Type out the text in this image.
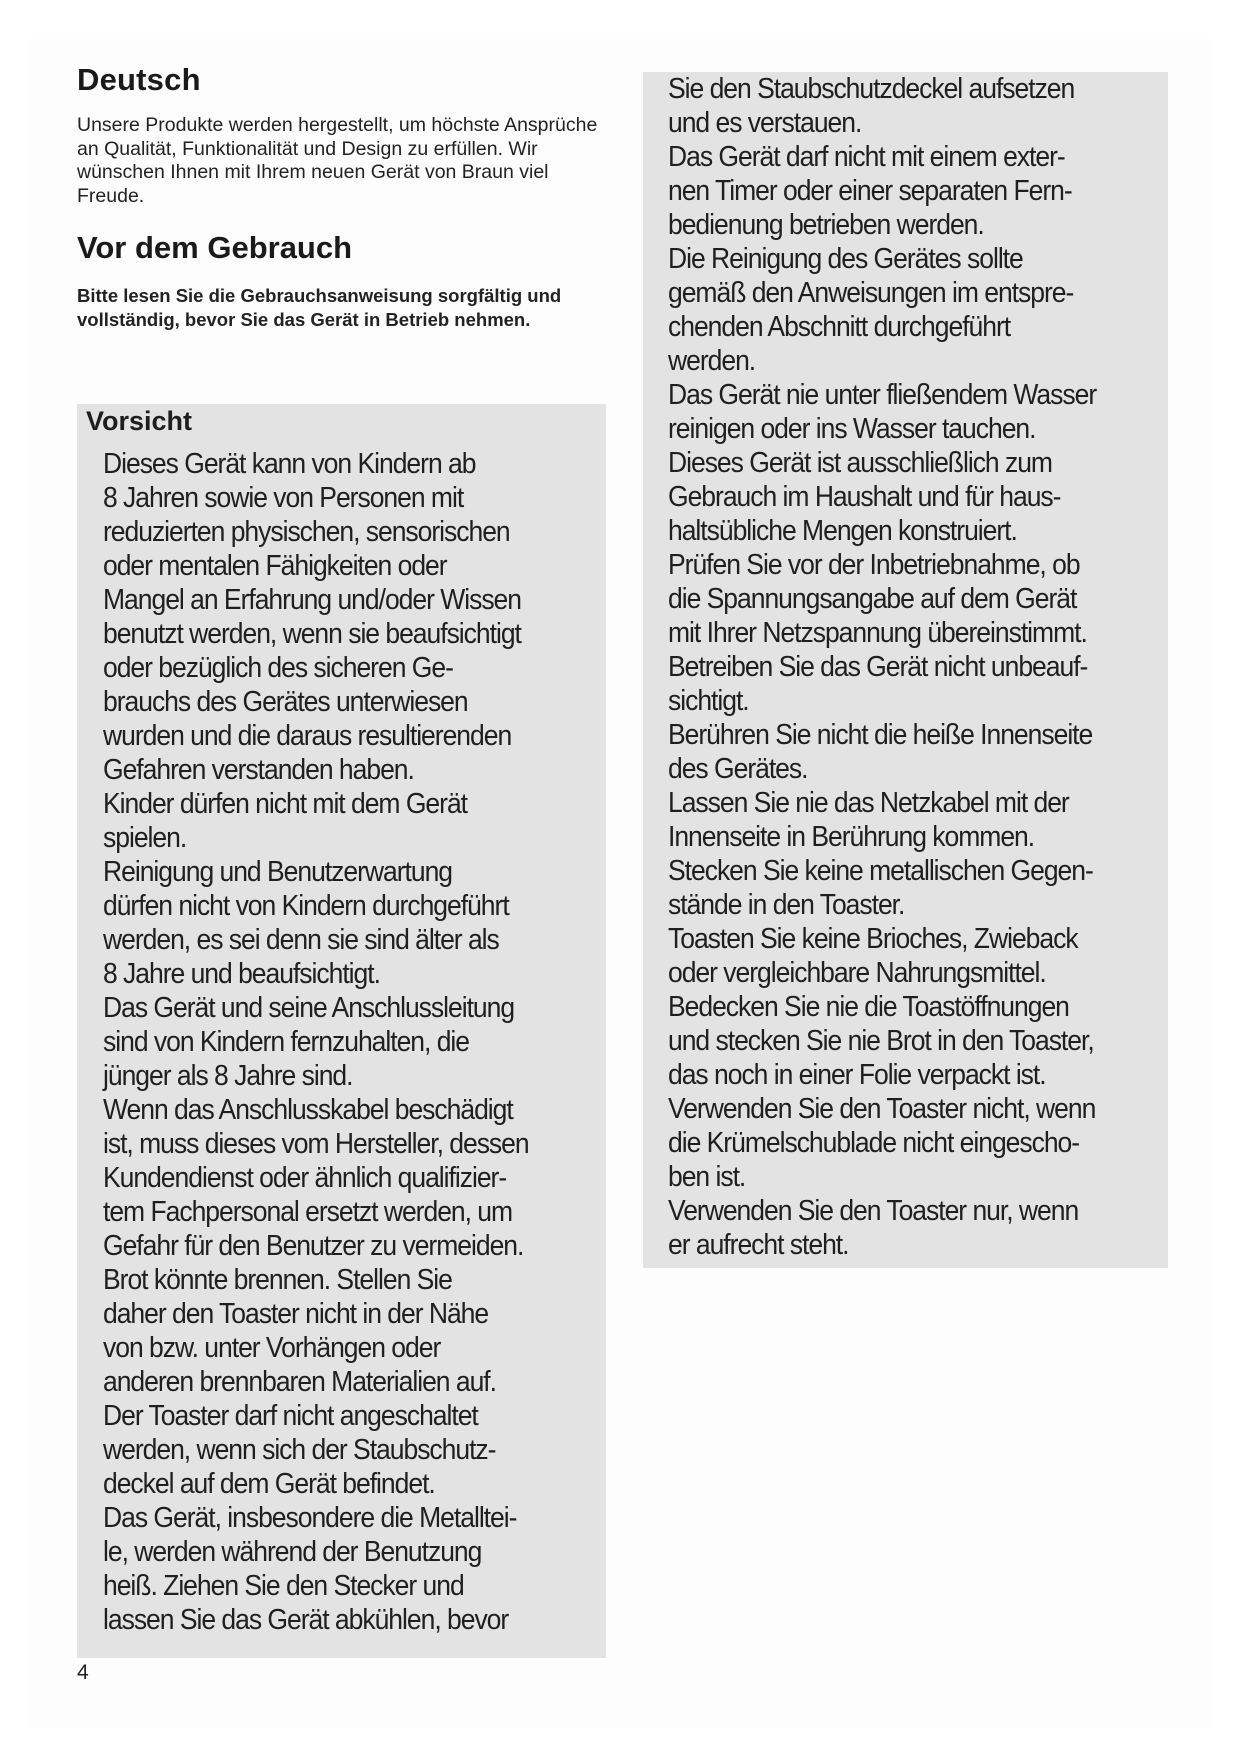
Deutsch

Unsere Produkte werden hergestellt, um höchste Ansprüche an Qualität, Funktionalität und Design zu erfüllen. Wir wünschen Ihnen mit Ihrem neuen Gerät von Braun viel Freude.

Vor dem Gebrauch

Bitte lesen Sie die Gebrauchsanweisung sorgfältig und vollständig, bevor Sie das Gerät in Betrieb nehmen.

Vorsicht
Dieses Gerät kann von Kindern ab
8 Jahren sowie von Personen mit
reduzierten physischen, sensorischen
oder mentalen Fähigkeiten oder
Mangel an Erfahrung und/oder Wissen
benutzt werden, wenn sie beaufsichtigt
oder bezüglich des sicheren Ge-
brauchs des Gerätes unterwiesen
wurden und die daraus resultierenden
Gefahren verstanden haben.
Kinder dürfen nicht mit dem Gerät
spielen.
Reinigung und Benutzerwartung
dürfen nicht von Kindern durchgeführt
werden, es sei denn sie sind älter als
8 Jahre und beaufsichtigt.
Das Gerät und seine Anschlussleitung
sind von Kindern fernzuhalten, die
jünger als 8 Jahre sind.
Wenn das Anschlusskabel beschädigt
ist, muss dieses vom Hersteller, dessen
Kundendienst oder ähnlich qualifizier-
tem Fachpersonal ersetzt werden, um
Gefahr für den Benutzer zu vermeiden.
Brot könnte brennen. Stellen Sie
daher den Toaster nicht in der Nähe
von bzw. unter Vorhängen oder
anderen brennbaren Materialien auf.
Der Toaster darf nicht angeschaltet
werden, wenn sich der Staubschutz-
deckel auf dem Gerät befindet.
Das Gerät, insbesondere die Metalltei-
le, werden während der Benutzung
heiß. Ziehen Sie den Stecker und
lassen Sie das Gerät abkühlen, bevor
Sie den Staubschutzdeckel aufsetzen
und es verstauen.
Das Gerät darf nicht mit einem exter-
nen Timer oder einer separaten Fern-
bedienung betrieben werden.
Die Reinigung des Gerätes sollte
gemäß den Anweisungen im entspre-
chenden Abschnitt durchgeführt
werden.
Das Gerät nie unter fließendem Wasser
reinigen oder ins Wasser tauchen.
Dieses Gerät ist ausschließlich zum
Gebrauch im Haushalt und für haus-
haltsübliche Mengen konstruiert.
Prüfen Sie vor der Inbetriebnahme, ob
die Spannungsangabe auf dem Gerät
mit Ihrer Netzspannung übereinstimmt.
Betreiben Sie das Gerät nicht unbeauf-
sichtigt.
Berühren Sie nicht die heiße Innenseite
des Gerätes.
Lassen Sie nie das Netzkabel mit der
Innenseite in Berührung kommen.
Stecken Sie keine metallischen Gegen-
stände in den Toaster.
Toasten Sie keine Brioches, Zwieback
oder vergleichbare Nahrungsmittel.
Bedecken Sie nie die Toastöffnungen
und stecken Sie nie Brot in den Toaster,
das noch in einer Folie verpackt ist.
Verwenden Sie den Toaster nicht, wenn
die Krümelschublade nicht eingescho-
ben ist.
Verwenden Sie den Toaster nur, wenn
er aufrecht steht.
4
